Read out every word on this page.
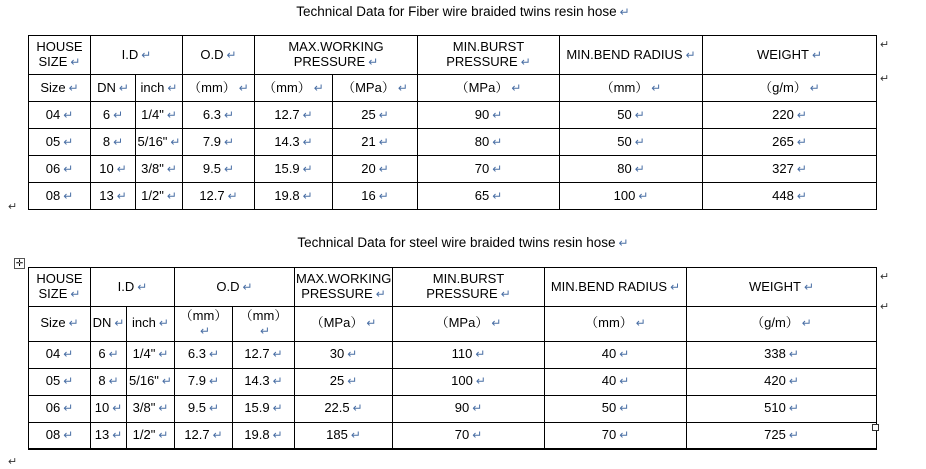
Technical Data for Fiber wire braided twins resin hose ↵
HOUSE SIZE ↵	I.D ↵		O.D ↵	MAX.WORKING PRESSURE ↵		MIN.BURST PRESSURE ↵	MIN.BEND RADIUS ↵	WEIGHT ↵
Size ↵	DN ↵	inch ↵	（mm） ↵	（mm） ↵	（MPa） ↵	（MPa） ↵	（mm） ↵	（g/m） ↵
04 ↵	6 ↵	1/4" ↵	6.3 ↵	12.7 ↵	25 ↵	90 ↵	50 ↵	220 ↵
05 ↵	8 ↵	5/16" ↵	7.9 ↵	14.3 ↵	21 ↵	80 ↵	50 ↵	265 ↵
06 ↵	10 ↵	3/8" ↵	9.5 ↵	15.9 ↵	20 ↵	70 ↵	80 ↵	327 ↵
08 ↵	13 ↵	1/2" ↵	12.7 ↵	19.8 ↵	16 ↵	65 ↵	100 ↵	448 ↵
↵
↵
↵
Technical Data for steel wire braided twins resin hose ↵
✛
HOUSE SIZE ↵	I.D ↵		O.D ↵		MAX.WORKING PRESSURE ↵	MIN.BURST PRESSURE ↵	MIN.BEND RADIUS ↵	WEIGHT ↵
Size ↵	DN ↵	inch ↵	（mm）↵	（mm）↵	（MPa） ↵	（MPa） ↵	（mm） ↵	（g/m） ↵
04 ↵	6 ↵	1/4" ↵	6.3 ↵	12.7 ↵	30 ↵	110 ↵	40 ↵	338 ↵
05 ↵	8 ↵	5/16" ↵	7.9 ↵	14.3 ↵	25 ↵	100 ↵	40 ↵	420 ↵
06 ↵	10 ↵	3/8" ↵	9.5 ↵	15.9 ↵	22.5 ↵	90 ↵	50 ↵	510 ↵
08 ↵	13 ↵	1/2" ↵	12.7 ↵	19.8 ↵	185 ↵	70 ↵	70 ↵	725 ↵
↵
↵
↵
